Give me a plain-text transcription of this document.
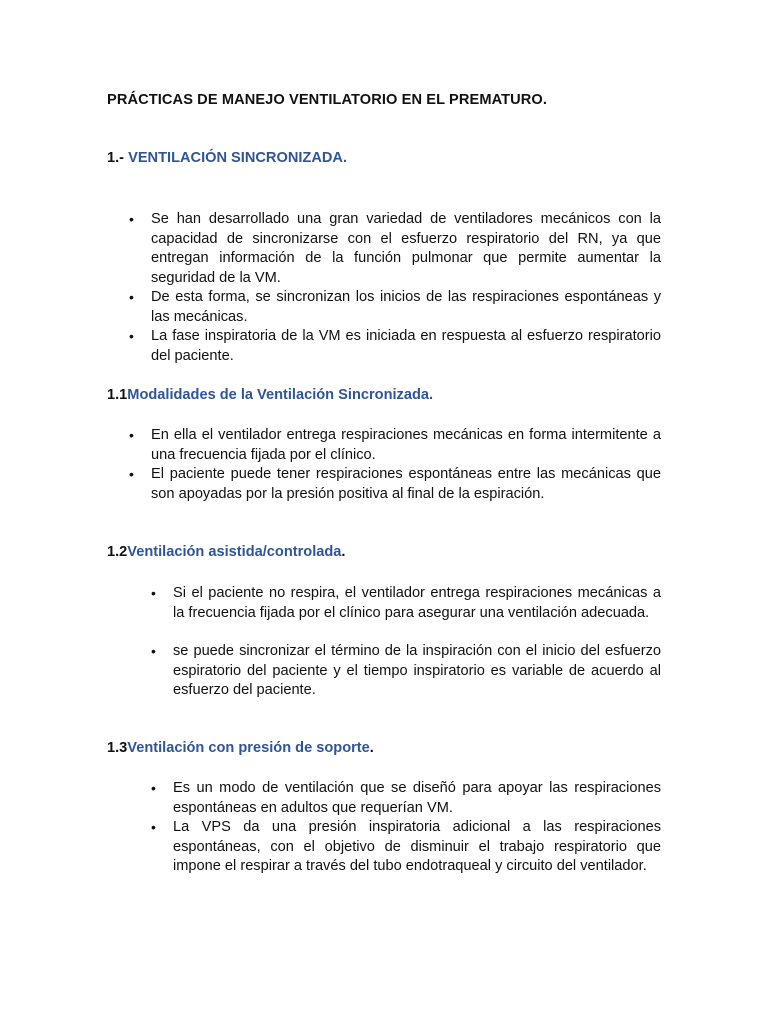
PRÁCTICAS DE MANEJO VENTILATORIO EN EL PREMATURO.
1.- VENTILACIÓN SINCRONIZADA.
• Se han desarrollado una gran variedad de ventiladores mecánicos con la capacidad de sincronizarse con el esfuerzo respiratorio del RN, ya que entregan información de la función pulmonar que permite aumentar la seguridad de la VM.
• De esta forma, se sincronizan los inicios de las respiraciones espontáneas y las mecánicas.
• La fase inspiratoria de la VM es iniciada en respuesta al esfuerzo respiratorio del paciente.
1.1Modalidades de la Ventilación Sincronizada.
• En ella el ventilador entrega respiraciones mecánicas en forma intermitente a una frecuencia fijada por el clínico.
• El paciente puede tener respiraciones espontáneas entre las mecánicas que son apoyadas por la presión positiva al final de la espiración.
1.2Ventilación asistida/controlada.
• Si el paciente no respira, el ventilador entrega respiraciones mecánicas a la frecuencia fijada por el clínico para asegurar una ventilación adecuada.
• se puede sincronizar el término de la inspiración con el inicio del esfuerzo espiratorio del paciente y el tiempo inspiratorio es variable de acuerdo al esfuerzo del paciente.
1.3Ventilación con presión de soporte.
• Es un modo de ventilación que se diseñó para apoyar las respiraciones espontáneas en adultos que requerían VM.
• La VPS da una presión inspiratoria adicional a las respiraciones espontáneas, con el objetivo de disminuir el trabajo respiratorio que impone el respirar a través del tubo endotraqueal y circuito del ventilador.
